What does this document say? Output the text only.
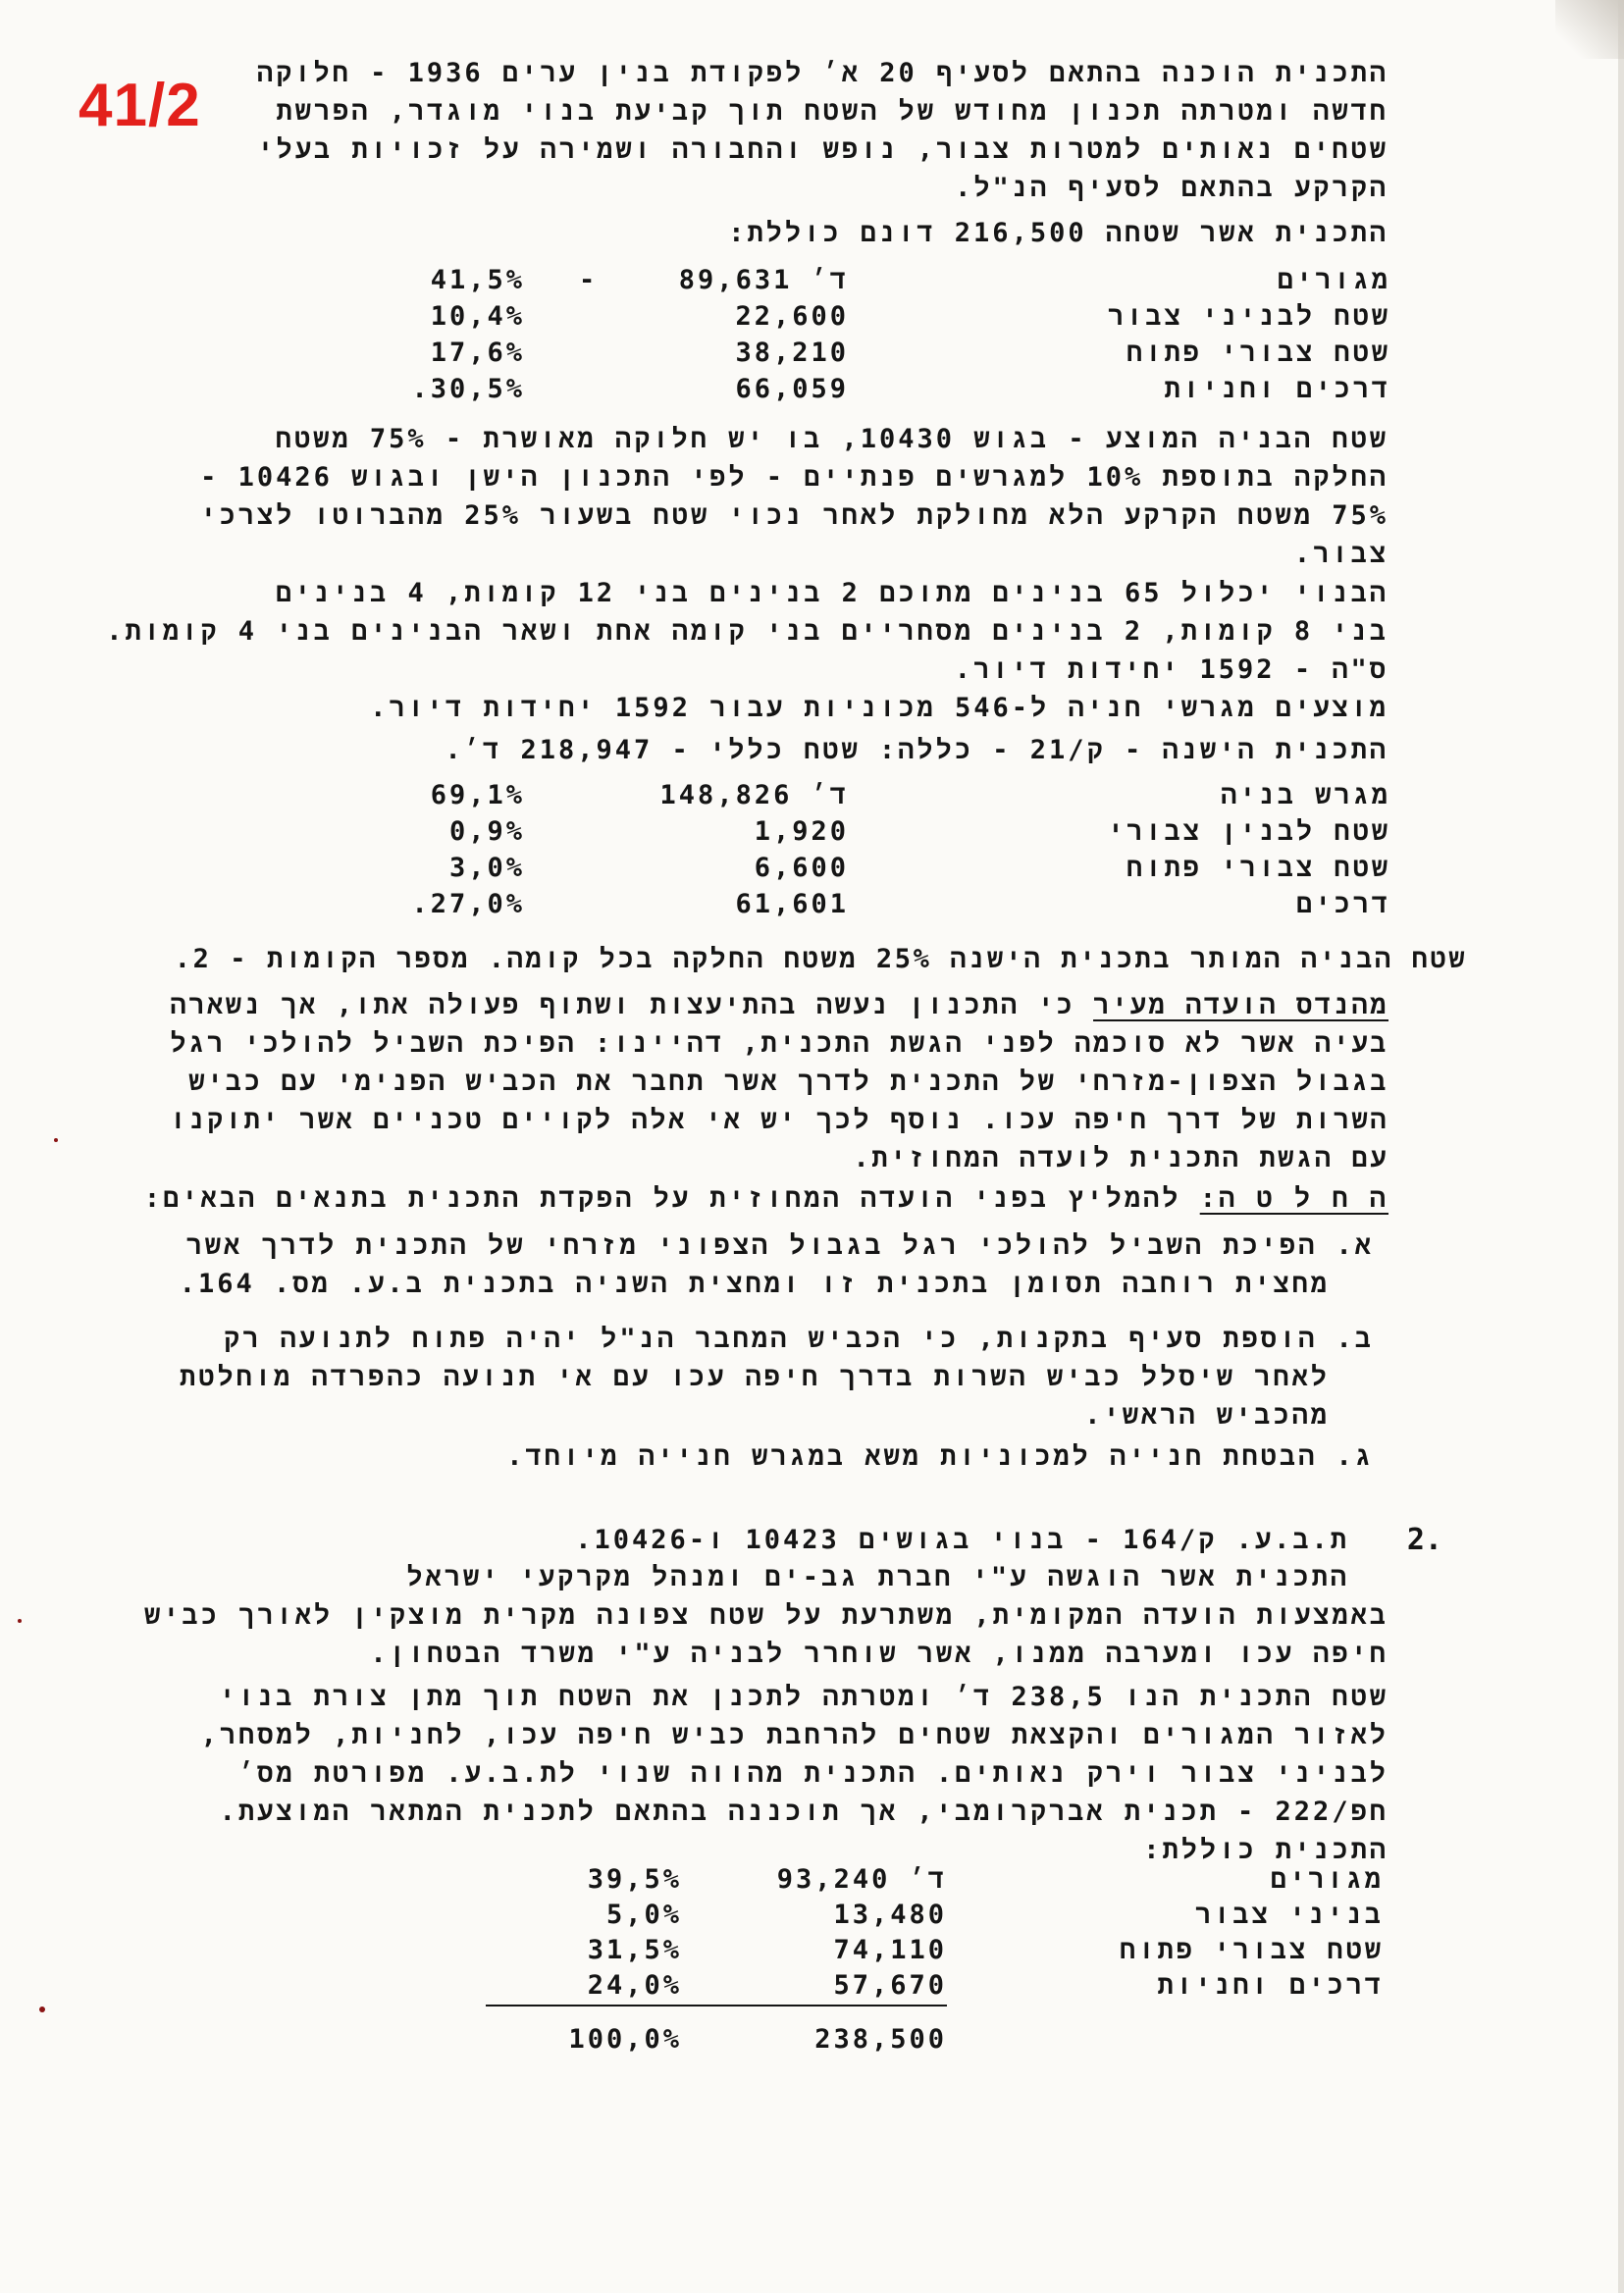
41/2 התכנית הוכנה בהתאם לסעיף 20 א׳ לפקודת בנין ערים 1936 - חלוקה
חדשה ומטרתה תכנון מחודש של השטח תוך קביעת בנוי מוגדר, הפרשת
שטחים נאותים למטרות צבור, נופש והחבורה ושמירה על זכויות בעלי
הקרקע בהתאם לסעיף הנ"ל.
התכנית אשר שטחה 216,500 דונם כוללת:
מגורים
89,631 ד׳
-
41,5%
שטח לבניני צבור
22,600
10,4%
שטח צבורי פתוח
38,210
17,6%
דרכים וחניות
66,059
.30,5%
שטח הבניה המוצע - בגוש 10430, בו יש חלוקה מאושרת - 75% משטח
החלקה בתוספת 10% למגרשים פנתיים - לפי התכנון הישן ובגוש 10426 -
75% משטח הקרקע הלא מחולקת לאחר נכוי שטח בשעור 25% מהברוטו לצרכי
צבור.
הבנוי יכלול 65 בנינים מתוכם 2 בנינים בני 12 קומות, 4 בנינים
בני 8 קומות, 2 בנינים מסחריים בני קומה אחת ושאר הבנינים בני 4 קומות.
ס"ה - 1592 יחידות דיור.
מוצעים מגרשי חניה ל-546 מכוניות עבור 1592 יחידות דיור.
התכנית הישנה - ק/21 - כללה: שטח כללי - 218,947 ד׳.
מגרש בניה
148,826 ד׳
69,1%
שטח לבנין צבורי
1,920
0,9%
שטח צבורי פתוח
6,600
3,0%
דרכים
61,601
.27,0%
שטח הבניה המותר בתכנית הישנה 25% משטח החלקה בכל קומה. מספר הקומות - 2.
מהנדס הועדה מעיר כי התכנון נעשה בהתיעצות ושתוף פעולה אתו, אך נשארה
בעיה אשר לא סוכמה לפני הגשת התכנית, דהיינו: הפיכת השביל להולכי רגל
בגבול הצפון-מזרחי של התכנית לדרך אשר תחבר את הכביש הפנימי עם כביש
השרות של דרך חיפה עכו. נוסף לכך יש אי אלה לקויים טכניים אשר יתוקנו
עם הגשת התכנית לועדה המחוזית.
ה ח ל ט ה: להמליץ בפני הועדה המחוזית על הפקדת התכנית בתנאים הבאים:
א. הפיכת השביל להולכי רגל בגבול הצפוני מזרחי של התכנית לדרך אשר
מחצית רוחבה תסומן בתכנית זו ומחצית השניה בתכנית ב.ע. מס. 164.
ב. הוספת סעיף בתקנות, כי הכביש המחבר הנ"ל יהיה פתוח לתנועה רק
לאחר שיסלל כביש השרות בדרך חיפה עכו עם אי תנועה כהפרדה מוחלטת
מהכביש הראשי.
ג. הבטחת חנייה למכוניות משא במגרש חנייה מיוחד.
2.
ת.ב.ע. ק/164 - בנוי בגושים 10423 ו-10426.
התכנית אשר הוגשה ע"י חברת גב-ים ומנהל מקרקעי ישראל
באמצעות הועדה המקומית, משתרעת על שטח צפונה מקרית מוצקין לאורך כביש
חיפה עכו ומערבה ממנו, אשר שוחרר לבניה ע"י משרד הבטחון.
שטח התכנית הנו 238,5 ד׳ ומטרתה לתכנן את השטח תוך מתן צורת בנוי
לאזור המגורים והקצאת שטחים להרחבת כביש חיפה עכו, לחניות, למסחר,
לבניני צבור וירק נאותים. התכנית מהווה שנוי לת.ב.ע. מפורטת מס׳
חפ/222 - תכנית אברקרומבי, אך תוכננה בהתאם לתכנית המתאר המוצעת.
התכנית כוללת:
מגורים
93,240 ד׳
39,5%
בניני צבור
13,480
5,0%
שטח צבורי פתוח
74,110
31,5%
דרכים וחניות
57,670
24,0%
238,500
100,0%
